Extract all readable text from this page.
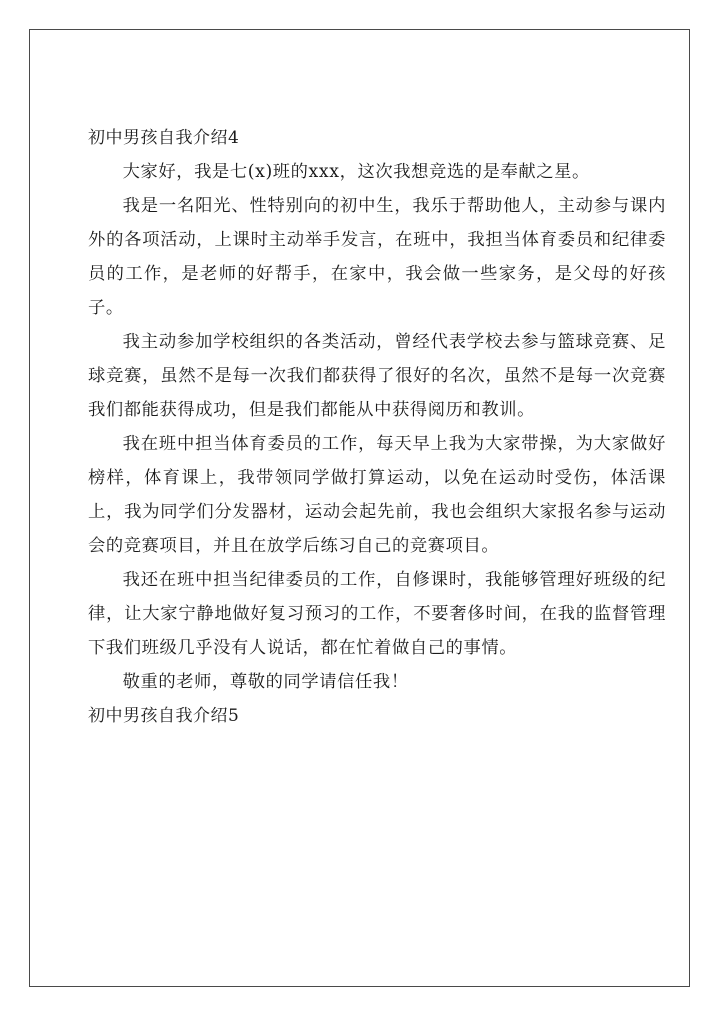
初中男孩自我介绍4

大家好，我是七(x)班的xxx，这次我想竞选的是奉献之星。

我是一名阳光、性特别向的初中生，我乐于帮助他人，主动参与课内外的各项活动，上课时主动举手发言，在班中，我担当体育委员和纪律委员的工作，是老师的好帮手，在家中，我会做一些家务，是父母的好孩子。

我主动参加学校组织的各类活动，曾经代表学校去参与篮球竞赛、足球竞赛，虽然不是每一次我们都获得了很好的名次，虽然不是每一次竞赛我们都能获得成功，但是我们都能从中获得阅历和教训。

我在班中担当体育委员的工作，每天早上我为大家带操，为大家做好榜样，体育课上，我带领同学做打算运动，以免在运动时受伤，体活课上，我为同学们分发器材，运动会起先前，我也会组织大家报名参与运动会的竞赛项目，并且在放学后练习自己的竞赛项目。

我还在班中担当纪律委员的工作，自修课时，我能够管理好班级的纪律，让大家宁静地做好复习预习的工作，不要奢侈时间，在我的监督管理下我们班级几乎没有人说话，都在忙着做自己的事情。

敬重的老师，尊敬的同学请信任我！

初中男孩自我介绍5
